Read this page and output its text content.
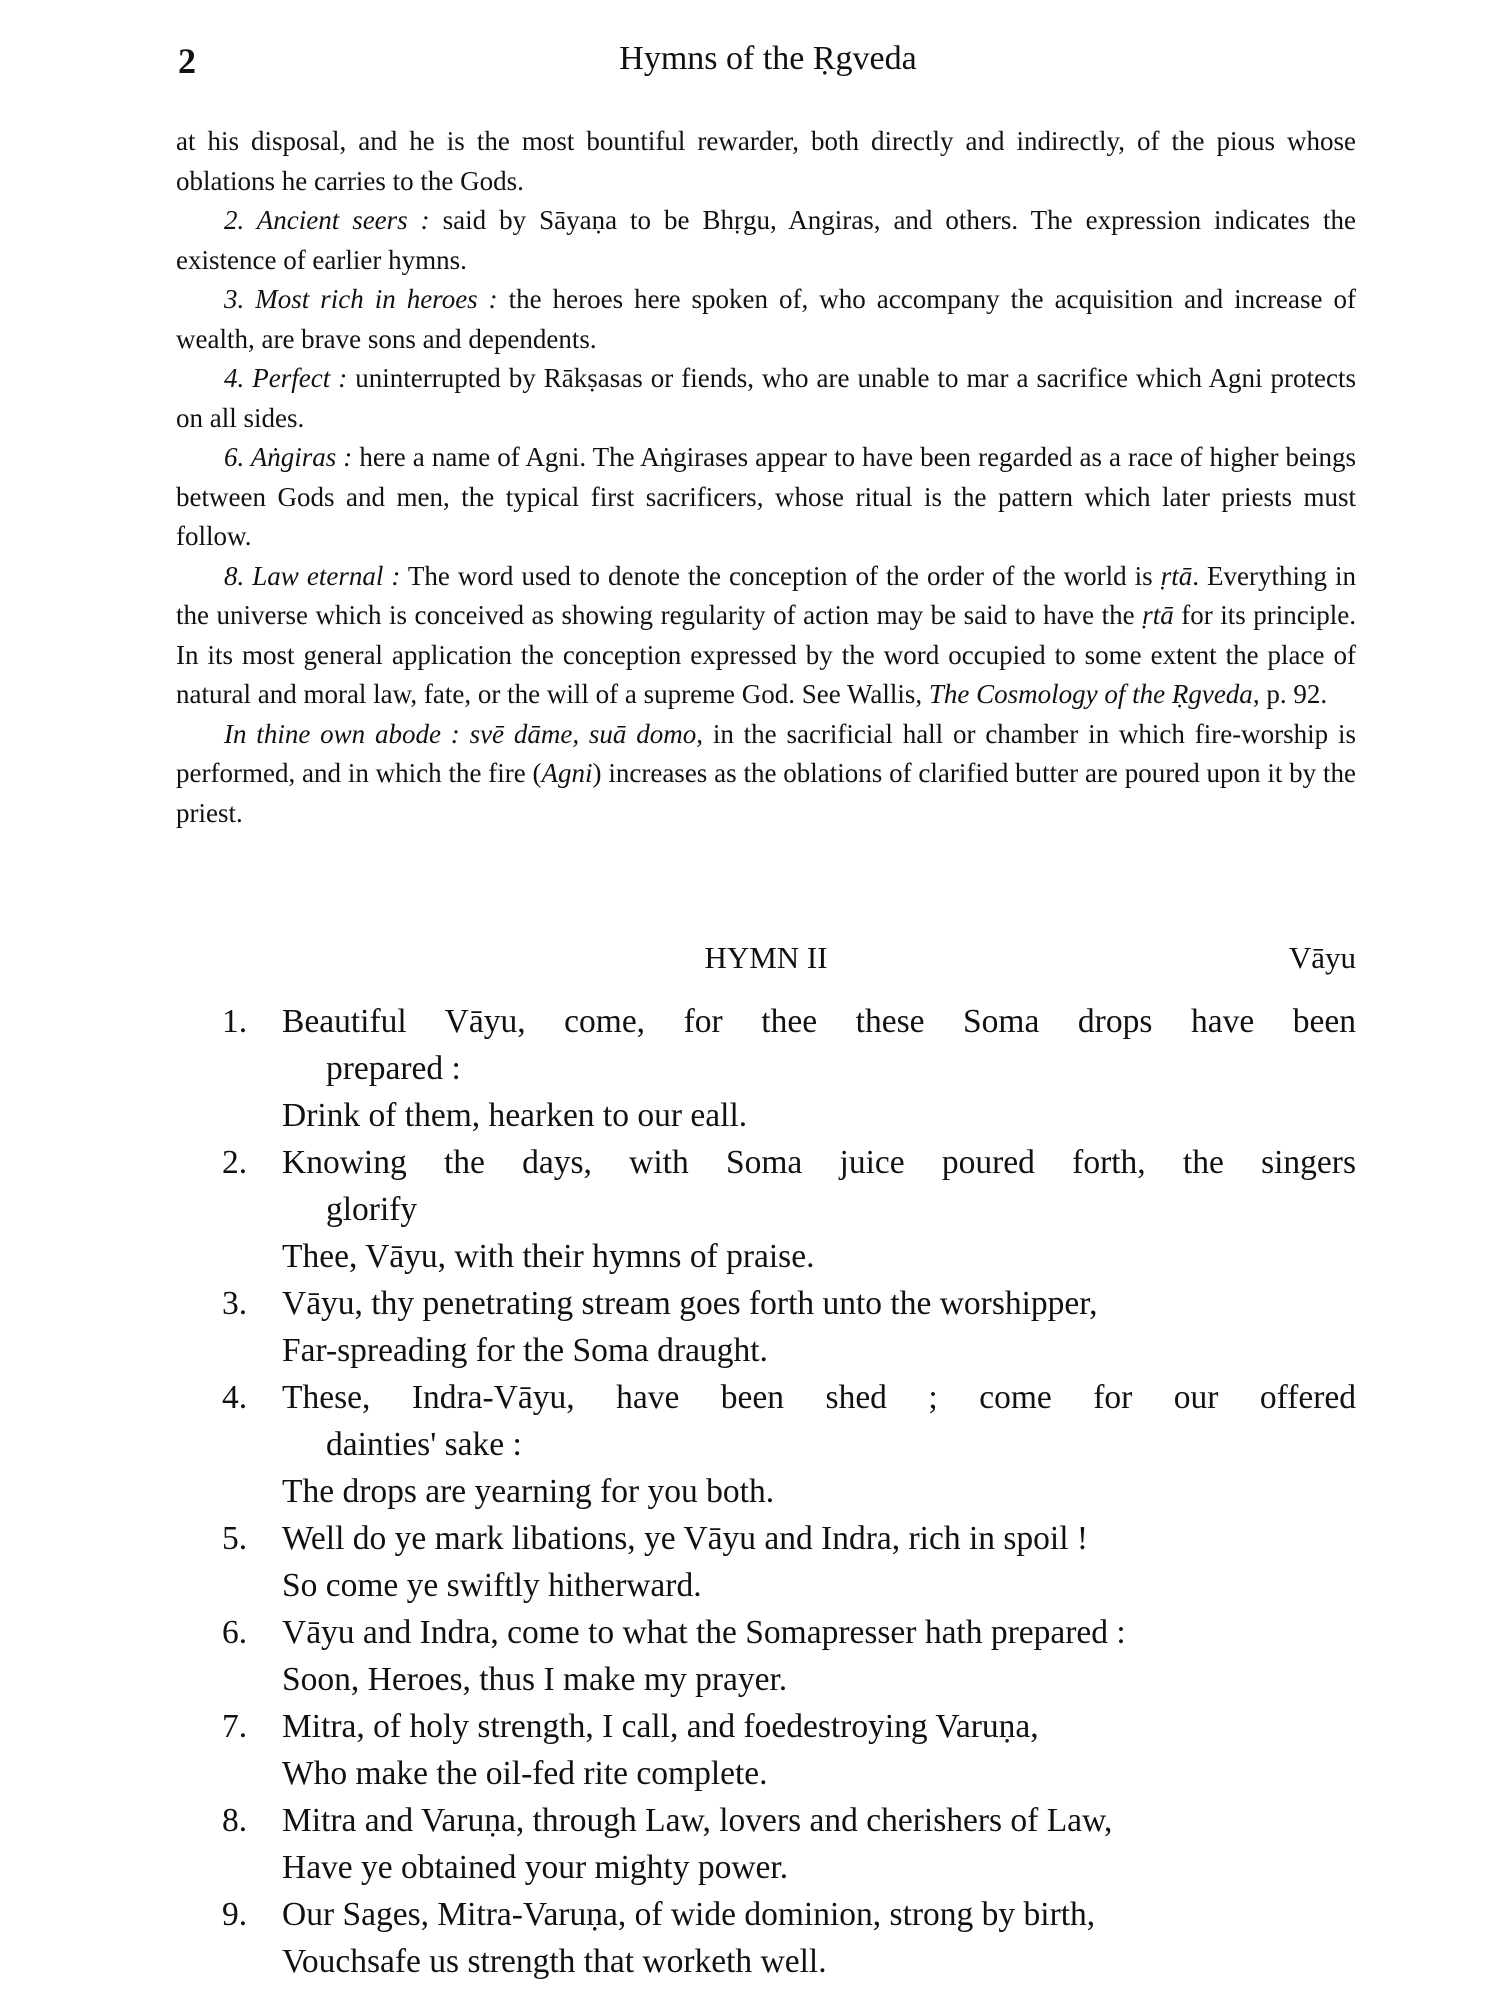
2	Hymns of the Ṛgveda

at his disposal, and he is the most bountiful rewarder, both directly and indirectly, of the pious whose oblations he carries to the Gods.

2. Ancient seers : said by Sāyaṇa to be Bhṛgu, Angiras, and others. The expression indicates the existence of earlier hymns.

3. Most rich in heroes : the heroes here spoken of, who accompany the acquisition and increase of wealth, are brave sons and dependents.

4. Perfect : uninterrupted by Rākṣasas or fiends, who are unable to mar a sacrifice which Agni protects on all sides.

6. Aṅgiras : here a name of Agni. The Aṅgirases appear to have been regarded as a race of higher beings between Gods and men, the typical first sacrificers, whose ritual is the pattern which later priests must follow.

8. Law eternal : The word used to denote the conception of the order of the world is ṛtā. Everything in the universe which is conceived as showing regularity of action may be said to have the ṛtā for its principle. In its most general application the conception expressed by the word occupied to some extent the place of natural and moral law, fate, or the will of a supreme God. See Wallis, The Cosmology of the Ṛgveda, p. 92.

In thine own abode : svē dāme, suā domo, in the sacrificial hall or chamber in which fire-worship is performed, and in which the fire (Agni) increases as the oblations of clarified butter are poured upon it by the priest.

HYMN II	Vāyu
1. Beautiful Vāyu, come, for thee these Soma drops have been
prepared :
Drink of them, hearken to our eall.
2. Knowing the days, with Soma juice poured forth, the singers
glorify
Thee, Vāyu, with their hymns of praise.
3. Vāyu, thy penetrating stream goes forth unto the worshipper,
Far-spreading for the Soma draught.
4. These, Indra-Vāyu, have been shed ; come for our offered
dainties' sake :
The drops are yearning for you both.
5. Well do ye mark libations, ye Vāyu and Indra, rich in spoil !
So come ye swiftly hitherward.
6. Vāyu and Indra, come to what the Somapresser hath prepared :
Soon, Heroes, thus I make my prayer.
7. Mitra, of holy strength, I call, and foedestroying Varuṇa,
Who make the oil-fed rite complete.
8. Mitra and Varuṇa, through Law, lovers and cherishers of Law,
Have ye obtained your mighty power.
9. Our Sages, Mitra-Varuṇa, of wide dominion, strong by birth,
Vouchsafe us strength that worketh well.
